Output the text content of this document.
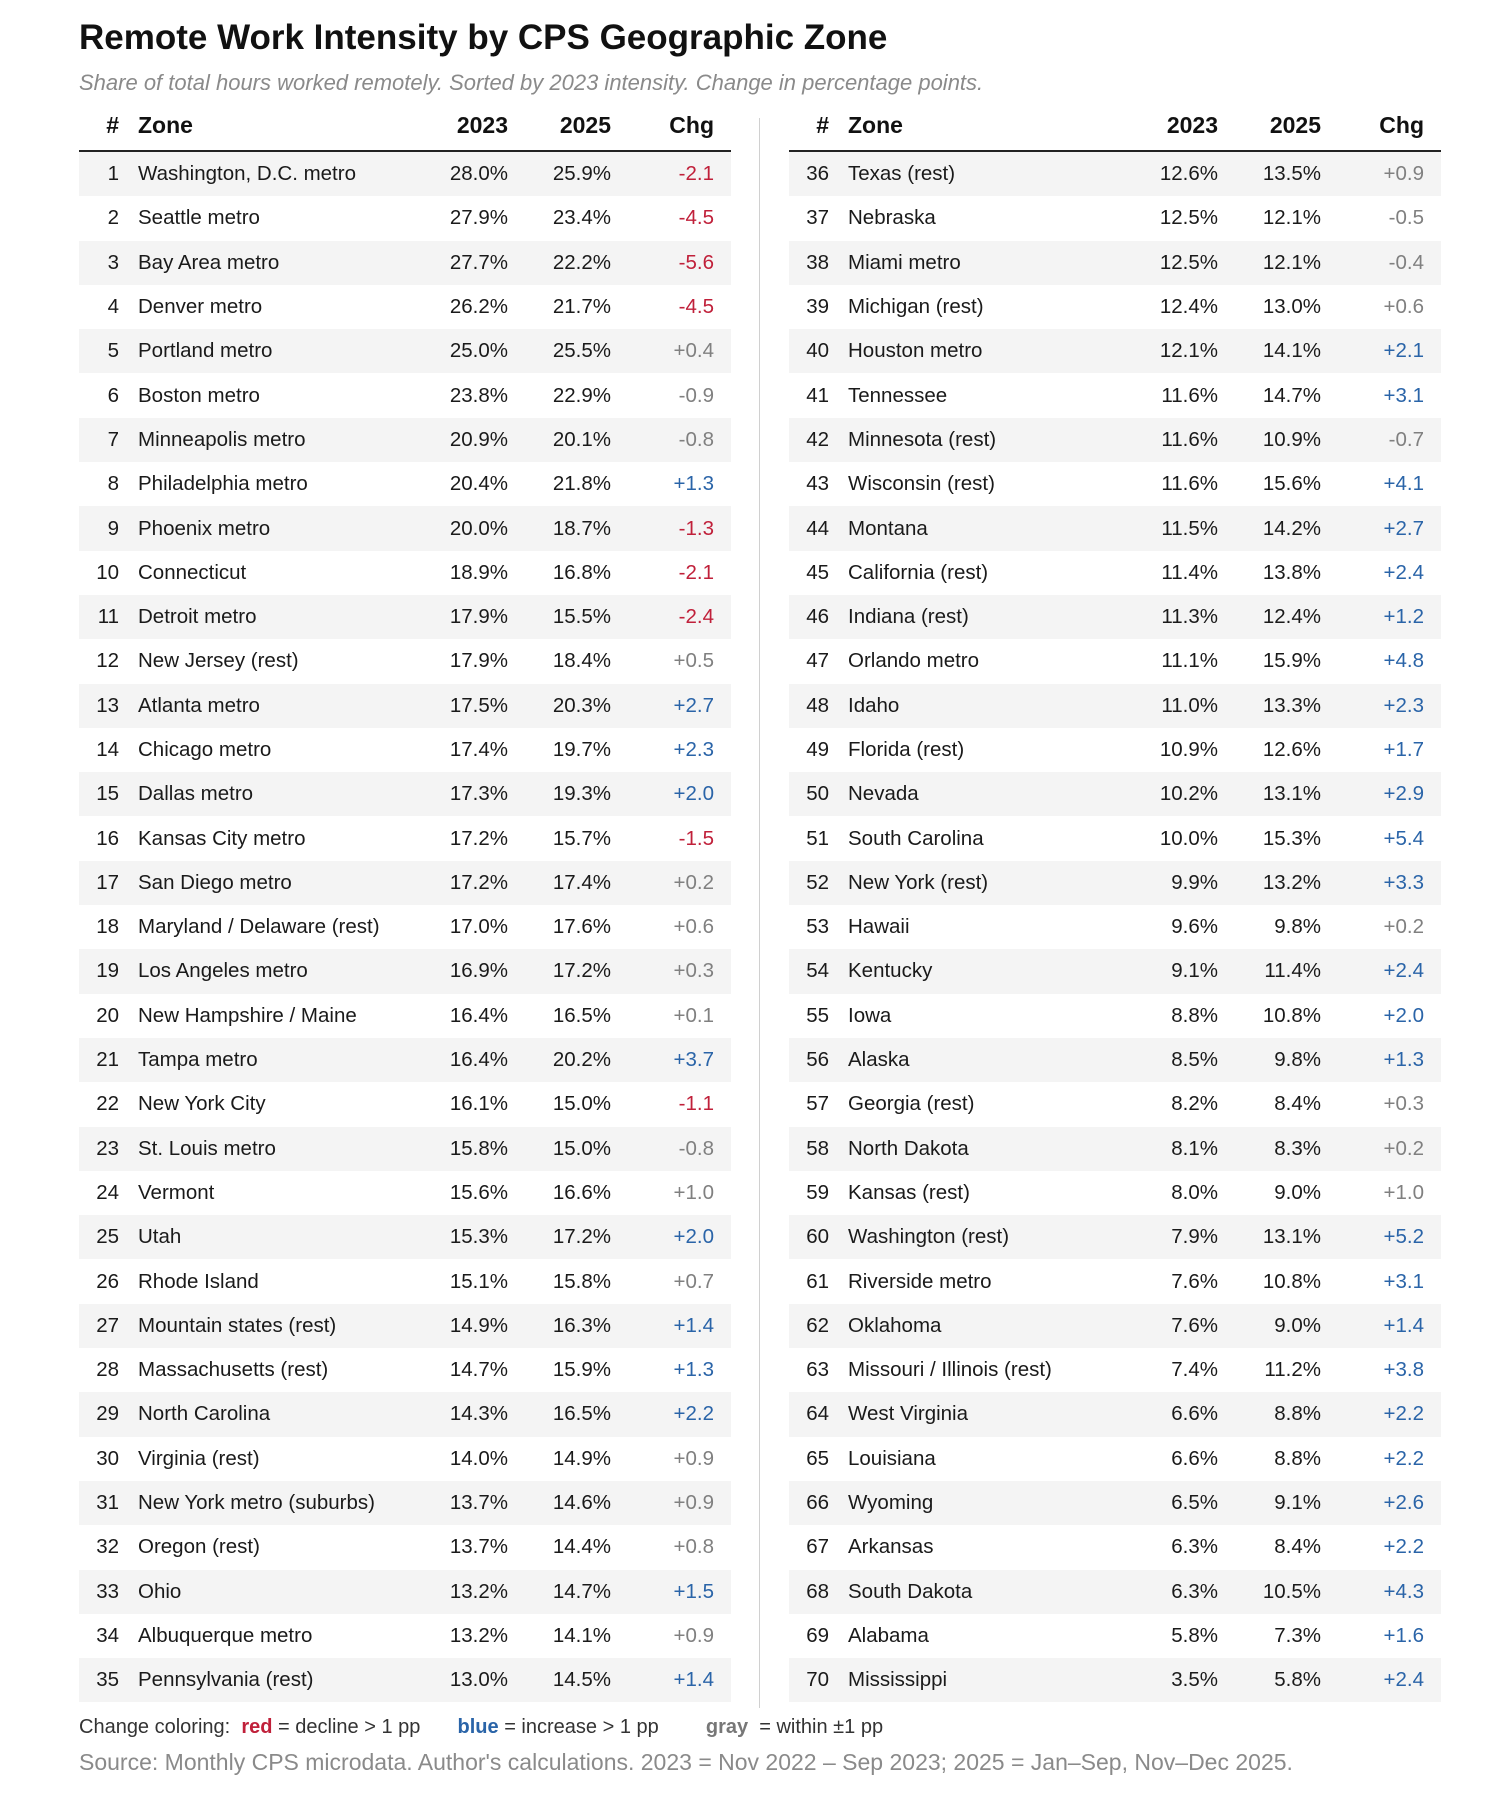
Remote Work Intensity by CPS Geographic Zone
Share of total hours worked remotely. Sorted by 2023 intensity. Change in percentage points.
# Zone	2023 2025	Chg
1 Washington, D.C. metro	28.0% 25.9%	-2.1
2 Seattle metro	27.9% 23.4%	-4.5
3 Bay Area metro	27.7% 22.2%	-5.6
4 Denver metro	26.2% 21.7%	-4.5
5 Portland metro	25.0% 25.5%	+0.4
6 Boston metro	23.8% 22.9%	-0.9
7 Minneapolis metro	20.9% 20.1%	-0.8
8 Philadelphia metro	20.4% 21.8%	+1.3
9 Phoenix metro	20.0% 18.7%	-1.3
10 Connecticut	18.9% 16.8%	-2.1
11 Detroit metro	17.9% 15.5%	-2.4
12 New Jersey (rest)	17.9% 18.4%	+0.5
13 Atlanta metro	17.5% 20.3%	+2.7
14 Chicago metro	17.4% 19.7%	+2.3
15 Dallas metro	17.3% 19.3%	+2.0
16 Kansas City metro	17.2% 15.7%	-1.5
17 San Diego metro	17.2% 17.4%	+0.2
18 Maryland / Delaware (rest)	17.0% 17.6%	+0.6
19 Los Angeles metro	16.9% 17.2%	+0.3
20 New Hampshire / Maine	16.4% 16.5%	+0.1
21 Tampa metro	16.4% 20.2%	+3.7
22 New York City	16.1% 15.0%	-1.1
23 St. Louis metro	15.8% 15.0%	-0.8
24 Vermont	15.6% 16.6%	+1.0
25 Utah	15.3% 17.2%	+2.0
26 Rhode Island	15.1% 15.8%	+0.7
27 Mountain states (rest)	14.9% 16.3%	+1.4
28 Massachusetts (rest)	14.7% 15.9%	+1.3
29 North Carolina	14.3% 16.5%	+2.2
30 Virginia (rest)	14.0% 14.9%	+0.9
31 New York metro (suburbs)	13.7% 14.6%	+0.9
32 Oregon (rest)	13.7% 14.4%	+0.8
33 Ohio	13.2% 14.7%	+1.5
34 Albuquerque metro	13.2% 14.1%	+0.9
35 Pennsylvania (rest)	13.0% 14.5%	+1.4
# Zone	2023 2025	Chg
36 Texas (rest)	12.6% 13.5%	+0.9
37 Nebraska	12.5% 12.1%	-0.5
38 Miami metro	12.5% 12.1%	-0.4
39 Michigan (rest)	12.4% 13.0%	+0.6
40 Houston metro	12.1% 14.1%	+2.1
41 Tennessee	11.6% 14.7%	+3.1
42 Minnesota (rest)	11.6% 10.9%	-0.7
43 Wisconsin (rest)	11.6% 15.6%	+4.1
44 Montana	11.5% 14.2%	+2.7
45 California (rest)	11.4% 13.8%	+2.4
46 Indiana (rest)	11.3% 12.4%	+1.2
47 Orlando metro	11.1% 15.9%	+4.8
48 Idaho	11.0% 13.3%	+2.3
49 Florida (rest)	10.9% 12.6%	+1.7
50 Nevada	10.2% 13.1%	+2.9
51 South Carolina	10.0% 15.3%	+5.4
52 New York (rest)	9.9% 13.2%	+3.3
53 Hawaii	9.6%	9.8%	+0.2
54 Kentucky	9.1% 11.4%	+2.4
55 Iowa	8.8% 10.8%	+2.0
56 Alaska	8.5%	9.8%	+1.3
57 Georgia (rest)	8.2%	8.4%	+0.3
58 North Dakota	8.1%	8.3%	+0.2
59 Kansas (rest)	8.0%	9.0%	+1.0
60 Washington (rest)	7.9% 13.1%	+5.2
61 Riverside metro	7.6% 10.8%	+3.1
62 Oklahoma	7.6%	9.0%	+1.4
63 Missouri / Illinois (rest)	7.4% 11.2%	+3.8
64 West Virginia	6.6%	8.8%	+2.2
65 Louisiana	6.6%	8.8%	+2.2
66 Wyoming	6.5%	9.1%	+2.6
67 Arkansas	6.3%	8.4%	+2.2
68 South Dakota	6.3% 10.5%	+4.3
69 Alabama	5.8%	7.3%	+1.6
70 Mississippi	3.5%	5.8%	+2.4
Change coloring: red = decline > 1 pp blue = increase > 1 pp gray = within ±1 pp
Source: Monthly CPS microdata. Author's calculations. 2023 = Nov 2022 – Sep 2023; 2025 = Jan–Sep, Nov–Dec 2025.
